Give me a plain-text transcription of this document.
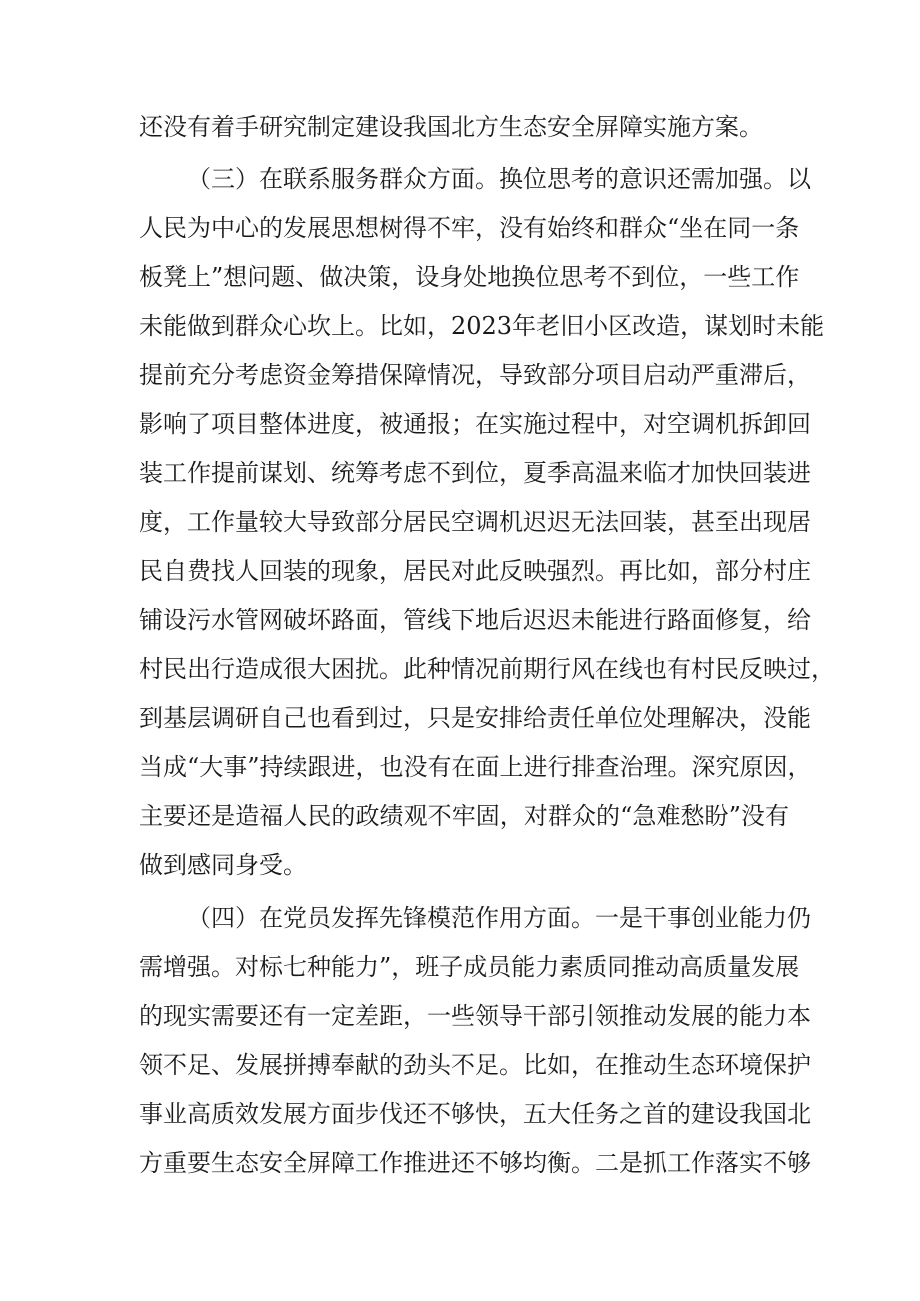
还没有着手研究制定建设我国北方生态安全屏障实施方案。
（三）在联系服务群众方面。换位思考的意识还需加强。以
人民为中心的发展思想树得不牢，没有始终和群众“坐在同一条
板凳上”想问题、做决策，设身处地换位思考不到位，一些工作
未能做到群众心坎上。比如，2023年老旧小区改造，谋划时未能
提前充分考虑资金筹措保障情况，导致部分项目启动严重滞后，
影响了项目整体进度，被通报；在实施过程中，对空调机拆卸回
装工作提前谋划、统筹考虑不到位，夏季高温来临才加快回装进
度，工作量较大导致部分居民空调机迟迟无法回装，甚至出现居
民自费找人回装的现象，居民对此反映强烈。再比如，部分村庄
铺设污水管网破坏路面，管线下地后迟迟未能进行路面修复，给
村民出行造成很大困扰。此种情况前期行风在线也有村民反映过，
到基层调研自己也看到过，只是安排给责任单位处理解决，没能
当成“大事”持续跟进，也没有在面上进行排查治理。深究原因，
主要还是造福人民的政绩观不牢固，对群众的“急难愁盼”没有
做到感同身受。
（四）在党员发挥先锋模范作用方面。一是干事创业能力仍
需增强。对标七种能力”，班子成员能力素质同推动高质量发展
的现实需要还有一定差距，一些领导干部引领推动发展的能力本
领不足、发展拼搏奉献的劲头不足。比如，在推动生态环境保护
事业高质效发展方面步伐还不够快，五大任务之首的建设我国北
方重要生态安全屏障工作推进还不够均衡。二是抓工作落实不够
